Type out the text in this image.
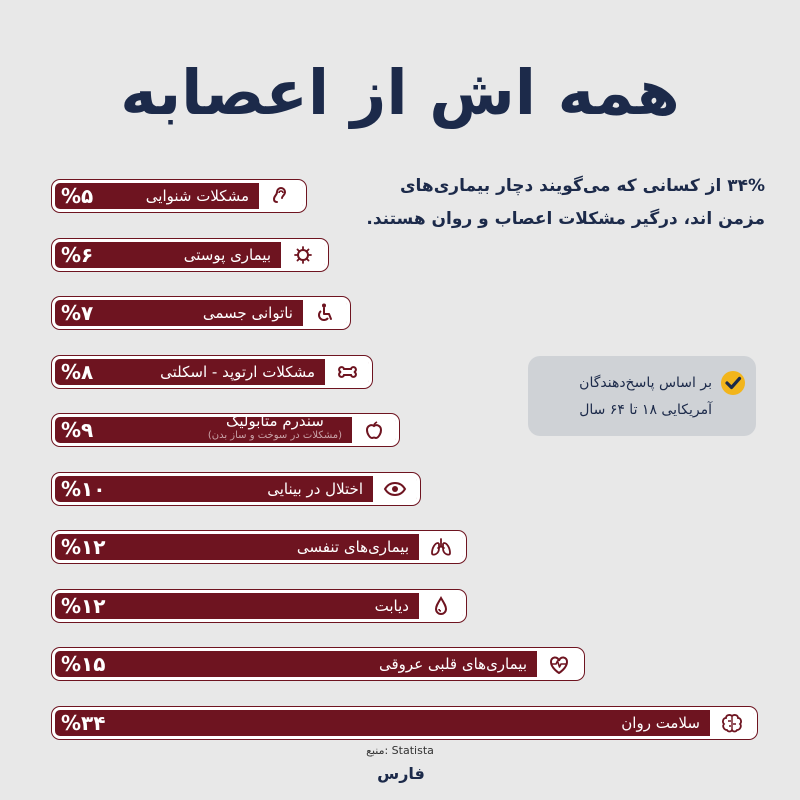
همه اش از اعصابه
۳۴% از کسانی که می‌گویند دچار بیماری‌های مزمن اند، درگیر مشکلات اعصاب و روان هستند.
بر اساس پاسخ‌دهندگان آمریکایی ۱۸ تا ۶۴ سال
%۵	مشکلات شنوایی
%۶	بیماری پوستی
%۷	ناتوانی جسمی
%۸	مشکلات ارتوپد - اسکلتی
%۹	سندرم متابولیک
(مشکلات در سوخت و ساز بدن)
%۱۰	اختلال در بینایی
%۱۲	بیماری‌های تنفسی
%۱۲	دیابت
%۱۵	بیماری‌های قلبی عروقی
%۳۴	سلامت روان
منبع: Statista
فارس
